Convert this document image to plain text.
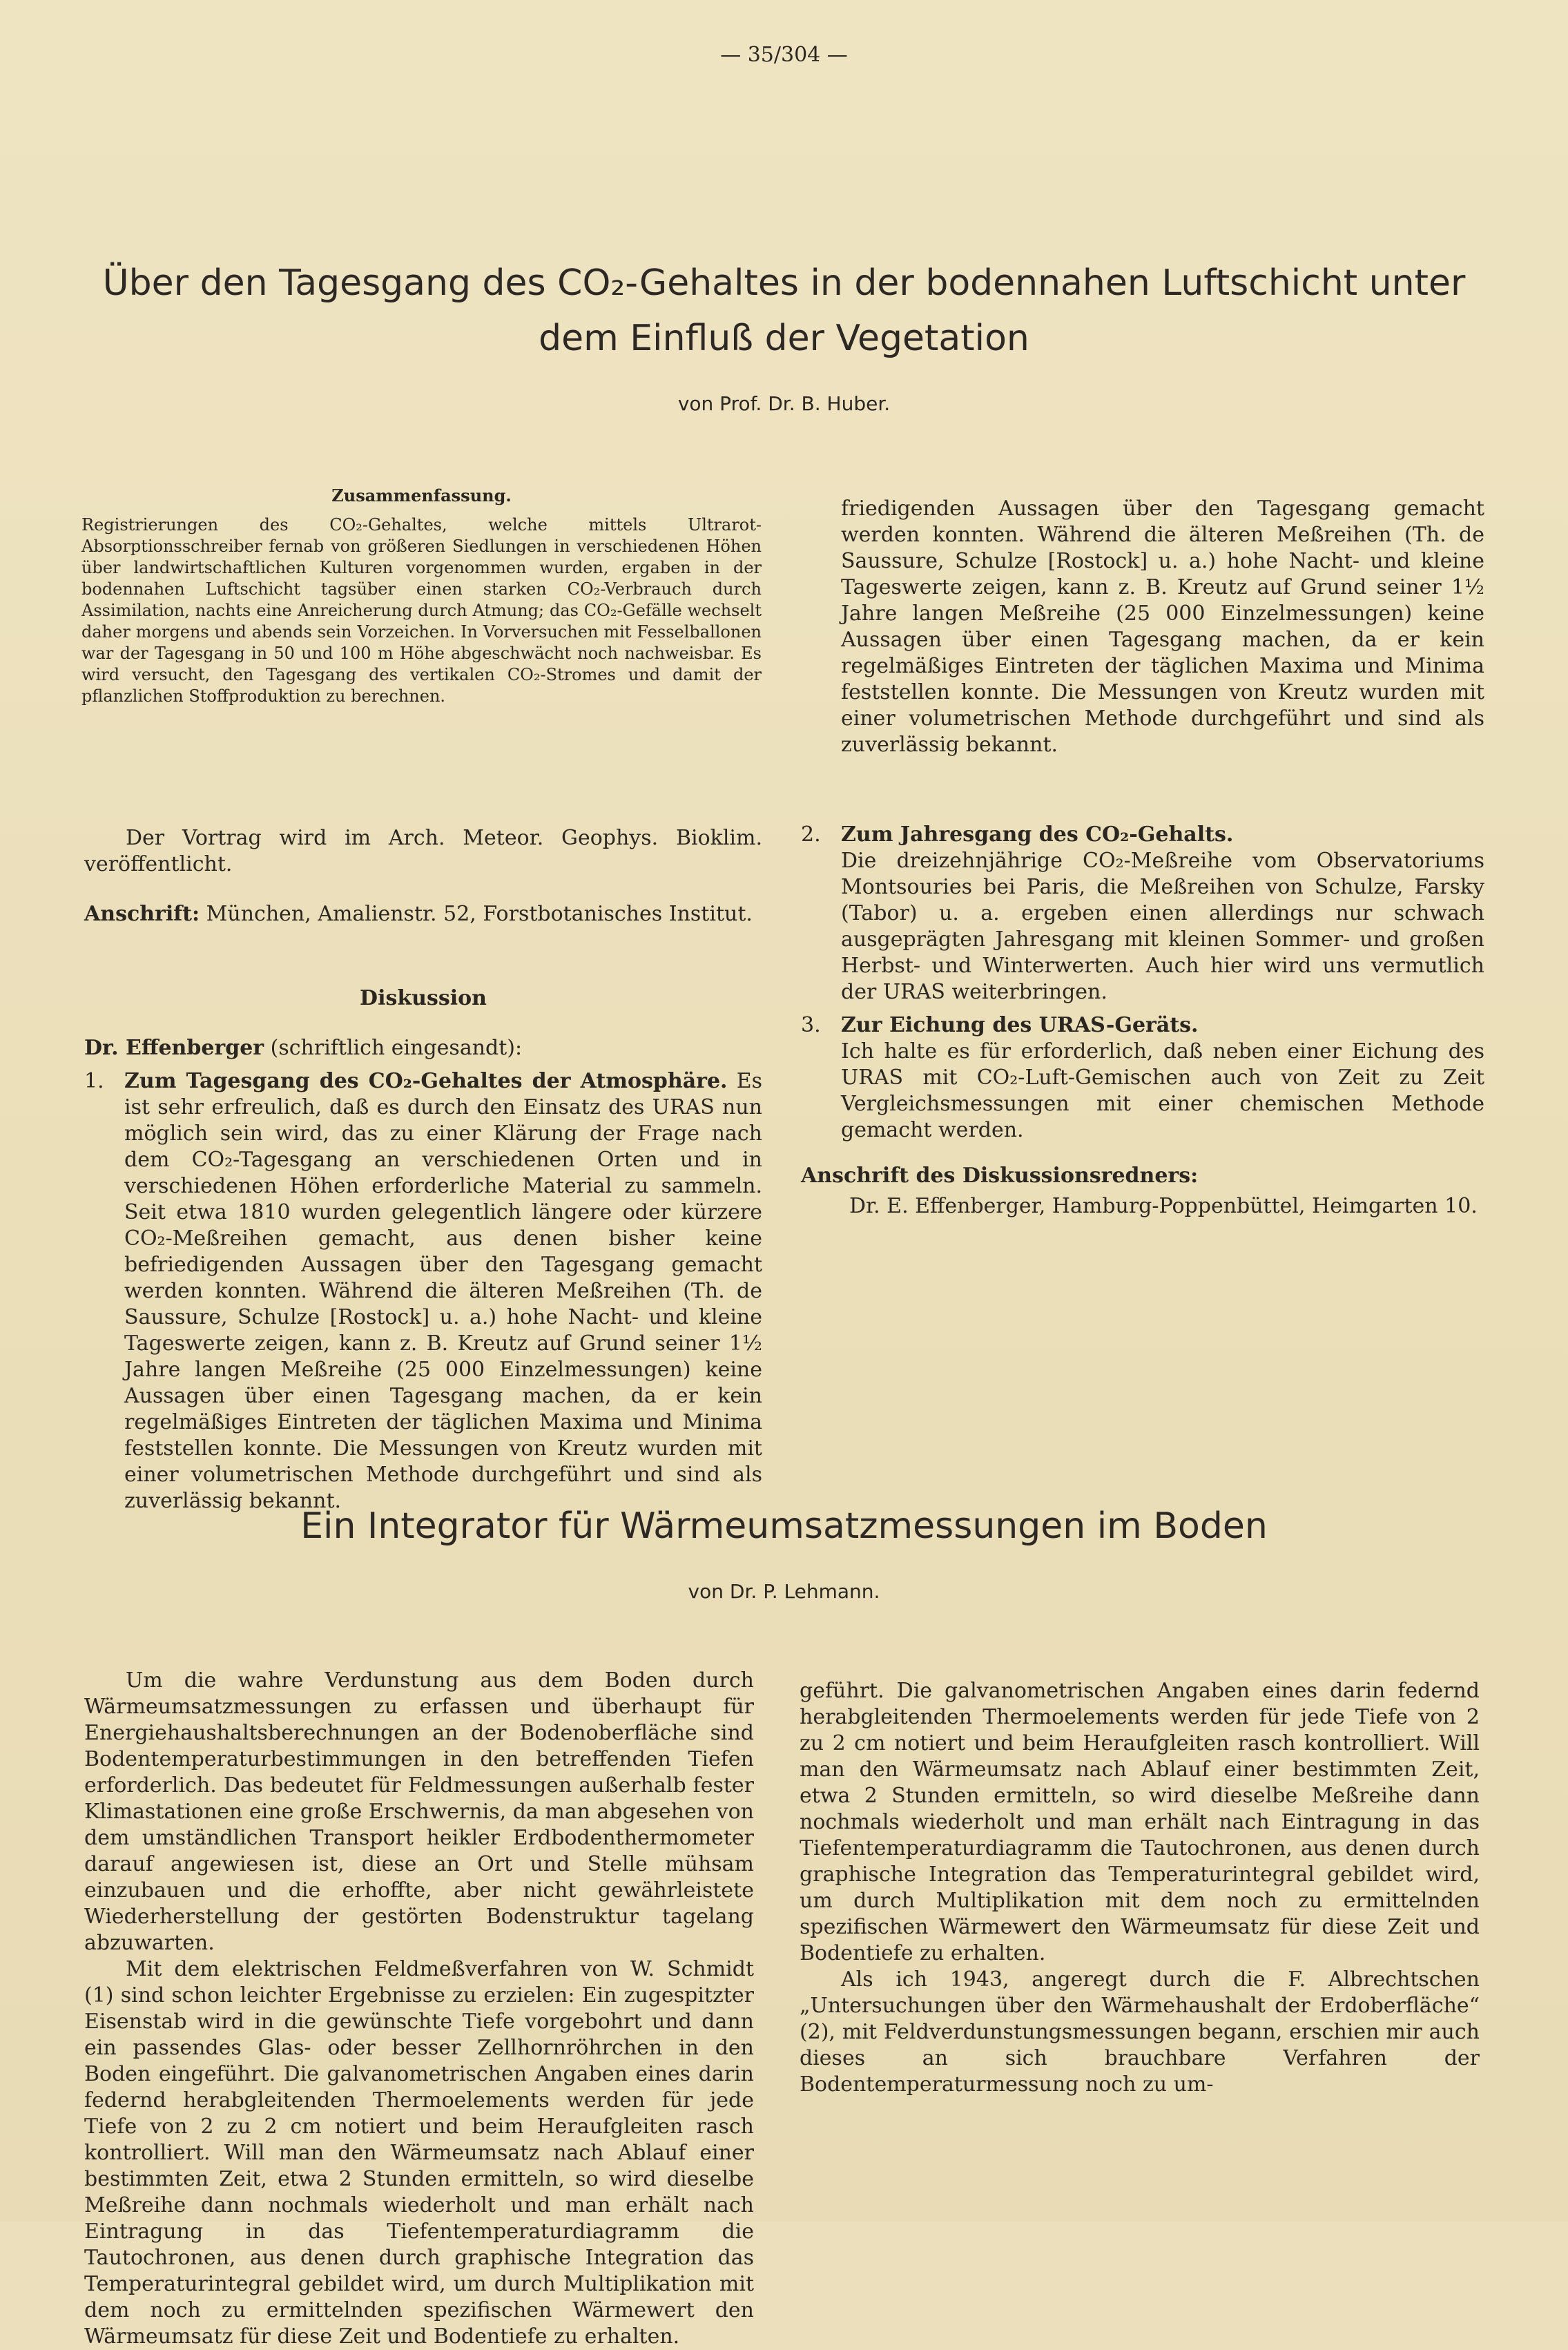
— 35/304 —
Über den Tagesgang des CO₂-Gehaltes in der bodennahen Luftschicht unter dem Einfluß der Vegetation
von Prof. Dr. B. Huber.

Zusammenfassung.

Registrierungen des CO₂-Gehaltes, welche mittels Ultrarot-Absorptionsschreiber fernab von größeren Siedlungen in verschiedenen Höhen über landwirtschaftlichen Kulturen vorgenommen wurden, ergaben in der bodennahen Luftschicht tagsüber einen starken CO₂-Verbrauch durch Assimilation, nachts eine Anreicherung durch Atmung; das CO₂-Gefälle wechselt daher morgens und abends sein Vorzeichen. In Vorversuchen mit Fesselballonen war der Tagesgang in 50 und 100 m Höhe abgeschwächt noch nachweisbar. Es wird versucht, den Tagesgang des vertikalen CO₂-Stromes und damit der pflanzlichen Stoffproduktion zu berechnen.

Der Vortrag wird im Arch. Meteor. Geophys. Bioklim. veröffentlicht.

Anschrift: München, Amalienstr. 52, Forstbotanisches Institut.

Diskussion

Dr. Effenberger (schriftlich eingesandt):

1. Zum Tagesgang des CO₂-Gehaltes der Atmosphäre. Es ist sehr erfreulich, daß es durch den Einsatz des URAS nun möglich sein wird, das zu einer Klärung der Frage nach dem CO₂-Tagesgang an verschiedenen Orten und in verschiedenen Höhen erforderliche Material zu sammeln. Seit etwa 1810 wurden gelegentlich längere oder kürzere CO₂-Meßreihen gemacht, aus denen bisher keine befriedigenden Aussagen über den Tagesgang gemacht werden konnten. Während die älteren Meßreihen (Th. de Saussure, Schulze [Rostock] u. a.) hohe Nacht- und kleine Tageswerte zeigen, kann z. B. Kreutz auf Grund seiner 1½ Jahre langen Meßreihe (25 000 Einzelmessungen) keine Aussagen über einen Tagesgang machen, da er kein regelmäßiges Eintreten der täglichen Maxima und Minima feststellen konnte. Die Messungen von Kreutz wurden mit einer volumetrischen Methode durchgeführt und sind als zuverlässig bekannt.

friedigenden Aussagen über den Tagesgang gemacht werden konnten. Während die älteren Meßreihen (Th. de Saussure, Schulze [Rostock] u. a.) hohe Nacht- und kleine Tageswerte zeigen, kann z. B. Kreutz auf Grund seiner 1½ Jahre langen Meßreihe (25 000 Einzelmessungen) keine Aussagen über einen Tagesgang machen, da er kein regelmäßiges Eintreten der täglichen Maxima und Minima feststellen konnte. Die Messungen von Kreutz wurden mit einer volumetrischen Methode durchgeführt und sind als zuverlässig bekannt.

2. Zum Jahresgang des CO₂-Gehalts.
Die dreizehnjährige CO₂-Meßreihe vom Observatoriums Montsouries bei Paris, die Meßreihen von Schulze, Farsky (Tabor) u. a. ergeben einen allerdings nur schwach ausgeprägten Jahresgang mit kleinen Sommer- und großen Herbst- und Winterwerten. Auch hier wird uns vermutlich der URAS weiterbringen.
3. Zur Eichung des URAS-Geräts.
Ich halte es für erforderlich, daß neben einer Eichung des URAS mit CO₂-Luft-Gemischen auch von Zeit zu Zeit Vergleichsmessungen mit einer chemischen Methode gemacht werden.

Anschrift des Diskussionsredners:

Dr. E. Effenberger, Hamburg-Poppenbüttel, Heimgarten 10.

Ein Integrator für Wärmeumsatzmessungen im Boden
von Dr. P. Lehmann.

Um die wahre Verdunstung aus dem Boden durch Wärmeumsatzmessungen zu erfassen und überhaupt für Energiehaushaltsberechnungen an der Bodenoberfläche sind Bodentemperaturbestimmungen in den betreffenden Tiefen erforderlich. Das bedeutet für Feldmessungen außerhalb fester Klimastationen eine große Erschwernis, da man abgesehen von dem umständlichen Transport heikler Erdbodenthermometer darauf angewiesen ist, diese an Ort und Stelle mühsam einzubauen und die erhoffte, aber nicht gewährleistete Wiederherstellung der gestörten Bodenstruktur tagelang abzuwarten.

Mit dem elektrischen Feldmeßverfahren von W. Schmidt (1) sind schon leichter Ergebnisse zu erzielen: Ein zugespitzter Eisenstab wird in die gewünschte Tiefe vorgebohrt und dann ein passendes Glas- oder besser Zellhornröhrchen in den Boden eingeführt. Die galvanometrischen Angaben eines darin federnd herabgleitenden Thermoelements werden für jede Tiefe von 2 zu 2 cm notiert und beim Heraufgleiten rasch kontrolliert. Will man den Wärmeumsatz nach Ablauf einer bestimmten Zeit, etwa 2 Stunden ermitteln, so wird dieselbe Meßreihe dann nochmals wiederholt und man erhält nach Eintragung in das Tiefentemperaturdiagramm die Tautochronen, aus denen durch graphische Integration das Temperaturintegral gebildet wird, um durch Multiplikation mit dem noch zu ermittelnden spezifischen Wärmewert den Wärmeumsatz für diese Zeit und Bodentiefe zu erhalten.

geführt. Die galvanometrischen Angaben eines darin federnd herabgleitenden Thermoelements werden für jede Tiefe von 2 zu 2 cm notiert und beim Heraufgleiten rasch kontrolliert. Will man den Wärmeumsatz nach Ablauf einer bestimmten Zeit, etwa 2 Stunden ermitteln, so wird dieselbe Meßreihe dann nochmals wiederholt und man erhält nach Eintragung in das Tiefentemperaturdiagramm die Tautochronen, aus denen durch graphische Integration das Temperaturintegral gebildet wird, um durch Multiplikation mit dem noch zu ermittelnden spezifischen Wärmewert den Wärmeumsatz für diese Zeit und Bodentiefe zu erhalten.

Als ich 1943, angeregt durch die F. Albrechtschen „Untersuchungen über den Wärmehaushalt der Erdoberfläche“ (2), mit Feldverdunstungsmessungen begann, erschien mir auch dieses an sich brauchbare Verfahren der Bodentemperaturmessung noch zu um-
